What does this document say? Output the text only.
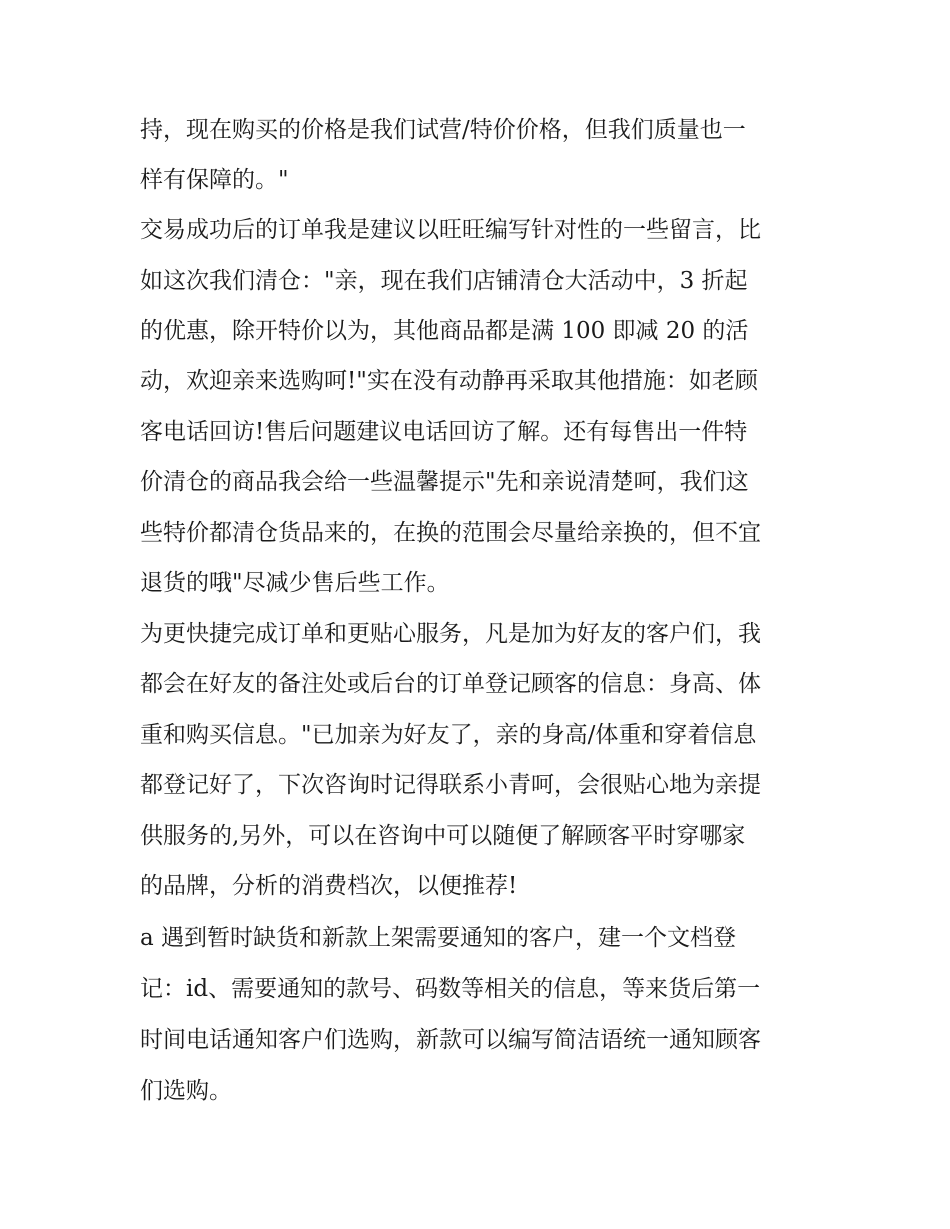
持，现在购买的价格是我们试营/特价价格，但我们质量也一
样有保障的。"
交易成功后的订单我是建议以旺旺编写针对性的一些留言，比
如这次我们清仓："亲，现在我们店铺清仓大活动中，3 折起
的优惠，除开特价以为，其他商品都是满 100 即减 20 的活
动，欢迎亲来选购呵!"实在没有动静再采取其他措施：如老顾
客电话回访!售后问题建议电话回访了解。还有每售出一件特
价清仓的商品我会给一些温馨提示"先和亲说清楚呵，我们这
些特价都清仓货品来的，在换的范围会尽量给亲换的，但不宜
退货的哦"尽减少售后些工作。
为更快捷完成订单和更贴心服务，凡是加为好友的客户们，我
都会在好友的备注处或后台的订单登记顾客的信息：身高、体
重和购买信息。"已加亲为好友了，亲的身高/体重和穿着信息
都登记好了，下次咨询时记得联系小青呵，会很贴心地为亲提
供服务的,另外，可以在咨询中可以随便了解顾客平时穿哪家
的品牌，分析的消费档次，以便推荐!
a 遇到暂时缺货和新款上架需要通知的客户，建一个文档登
记：id、需要通知的款号、码数等相关的信息，等来货后第一
时间电话通知客户们选购，新款可以编写简洁语统一通知顾客
们选购。
